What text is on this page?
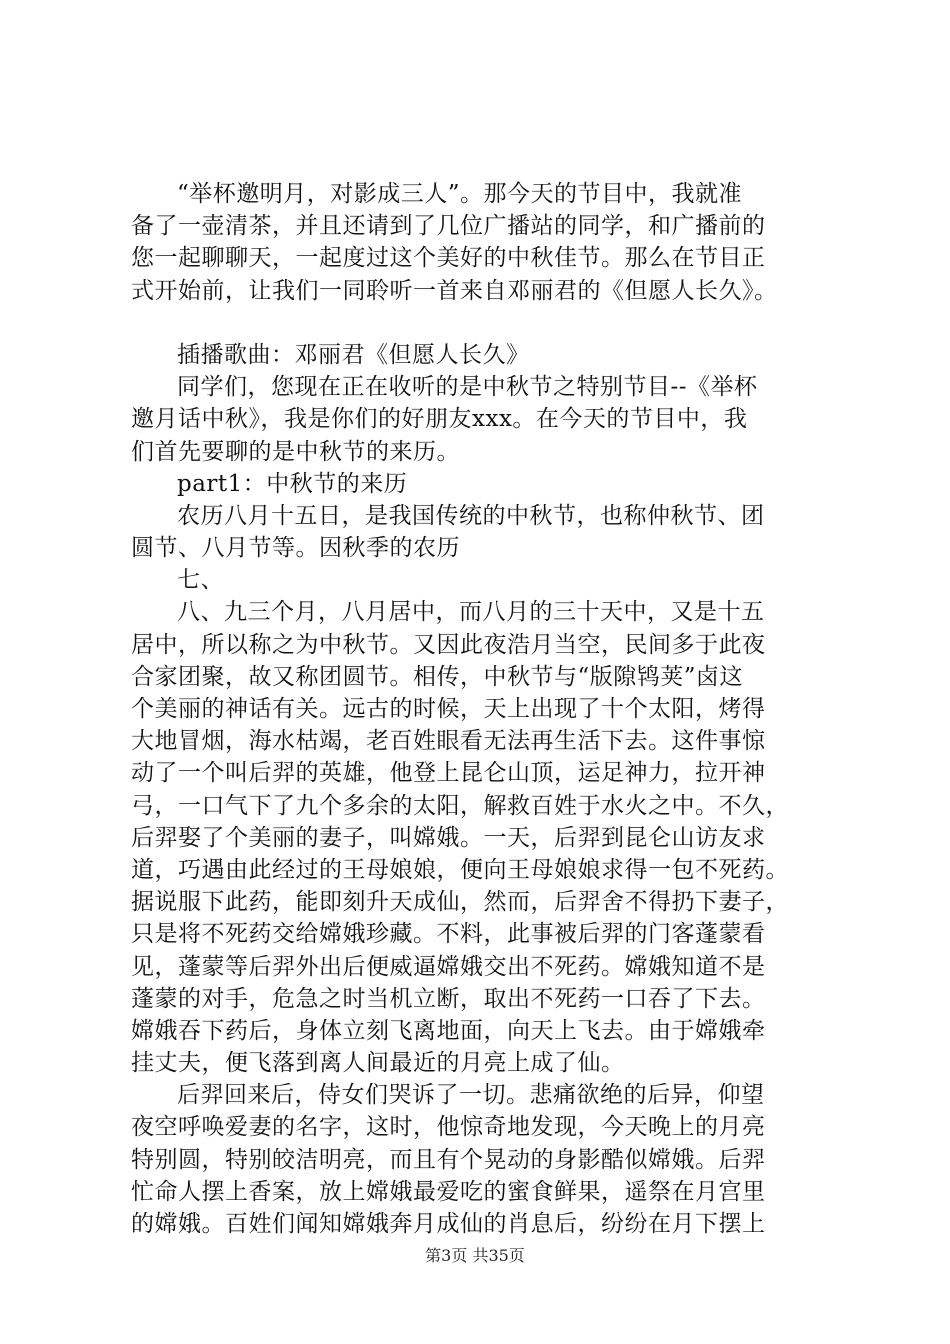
“举杯邀明月，对影成三人”。那今天的节目中，我就准
备了一壶清茶，并且还请到了几位广播站的同学，和广播前的
您一起聊聊天，一起度过这个美好的中秋佳节。那么在节目正
式开始前，让我们一同聆听一首来自邓丽君的《但愿人长久》。
插播歌曲：邓丽君《但愿人长久》
同学们，您现在正在收听的是中秋节之特别节目--《举杯
邀月话中秋》，我是你们的好朋友xxx。在今天的节目中，我
们首先要聊的是中秋节的来历。
part1：中秋节的来历
农历八月十五日，是我国传统的中秋节，也称仲秋节、团
圆节、八月节等。因秋季的农历
七、
八、九三个月，八月居中，而八月的三十天中，又是十五
居中，所以称之为中秋节。又因此夜浩月当空，民间多于此夜
合家团聚，故又称团圆节。相传，中秋节与“版隙鸨荚”卤这
个美丽的神话有关。远古的时候，天上出现了十个太阳，烤得
大地冒烟，海水枯竭，老百姓眼看无法再生活下去。这件事惊
动了一个叫后羿的英雄，他登上昆仑山顶，运足神力，拉开神
弓，一口气下了九个多余的太阳，解救百姓于水火之中。不久，
后羿娶了个美丽的妻子，叫嫦娥。一天，后羿到昆仑山访友求
道，巧遇由此经过的王母娘娘，便向王母娘娘求得一包不死药。
据说服下此药，能即刻升天成仙，然而，后羿舍不得扔下妻子，
只是将不死药交给嫦娥珍藏。不料，此事被后羿的门客蓬蒙看
见，蓬蒙等后羿外出后便威逼嫦娥交出不死药。嫦娥知道不是
蓬蒙的对手，危急之时当机立断，取出不死药一口吞了下去。
嫦娥吞下药后，身体立刻飞离地面，向天上飞去。由于嫦娥牵
挂丈夫，便飞落到离人间最近的月亮上成了仙。
后羿回来后，侍女们哭诉了一切。悲痛欲绝的后异，仰望
夜空呼唤爱妻的名字，这时，他惊奇地发现，今天晚上的月亮
特别圆，特别皎洁明亮，而且有个晃动的身影酷似嫦娥。后羿
忙命人摆上香案，放上嫦娥最爱吃的蜜食鲜果，遥祭在月宫里
的嫦娥。百姓们闻知嫦娥奔月成仙的肖息后，纷纷在月下摆上
第3页 共35页
